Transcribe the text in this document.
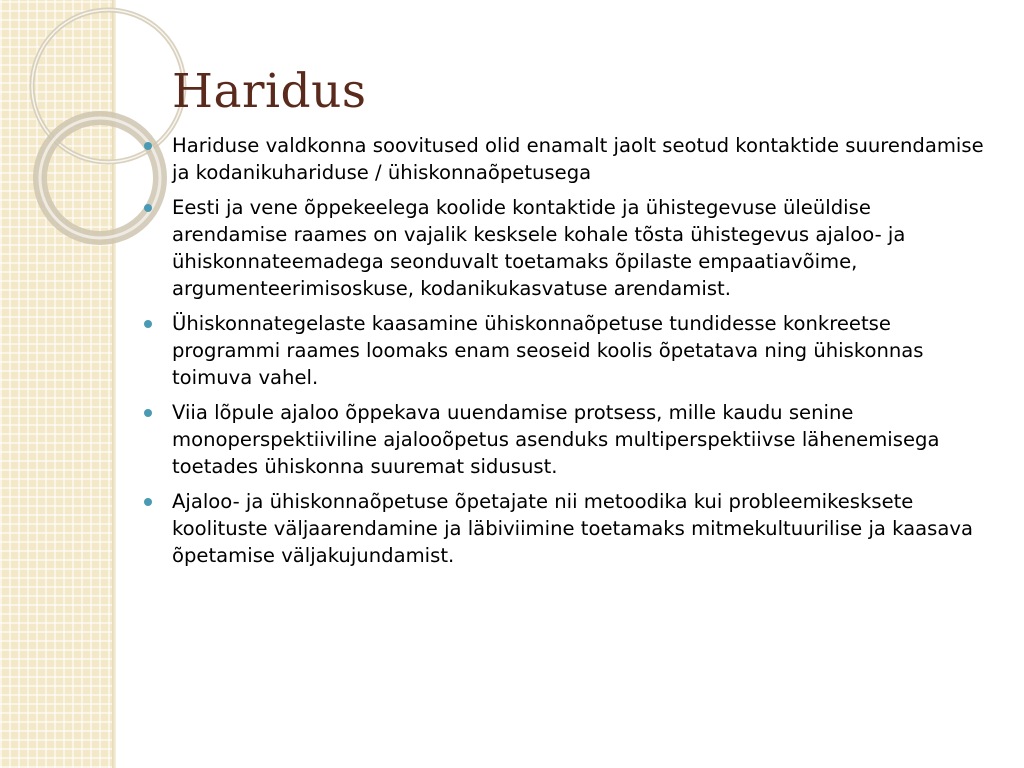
Haridus
Hariduse valdkonna soovitused olid enamalt jaolt seotud kontaktide suurendamise ja kodanikuhariduse / ühiskonnaõpetusega
Eesti ja vene õppekeelega koolide kontaktide ja ühistegevuse üleüldise arendamise raames on vajalik kesksele kohale tõsta ühistegevus ajaloo- ja ühiskonnateemadega seonduvalt toetamaks õpilaste empaatiavõime, argumenteerimisoskuse, kodanikukasvatuse arendamist.
Ühiskonnategelaste kaasamine ühiskonnaõpetuse tundidesse konkreetse programmi raames loomaks enam seoseid koolis õpetatava ning ühiskonnas toimuva vahel.
Viia lõpule ajaloo õppekava uuendamise protsess, mille kaudu senine monoperspektiiviline ajalooõpetus asenduks multiperspektiivse lähenemisega toetades ühiskonna suuremat sidusust.
Ajaloo- ja ühiskonnaõpetuse õpetajate nii metoodika kui probleemikesksete koolituste väljaarendamine ja läbiviimine toetamaks mitmekultuurilise ja kaasava õpetamise väljakujundamist.
